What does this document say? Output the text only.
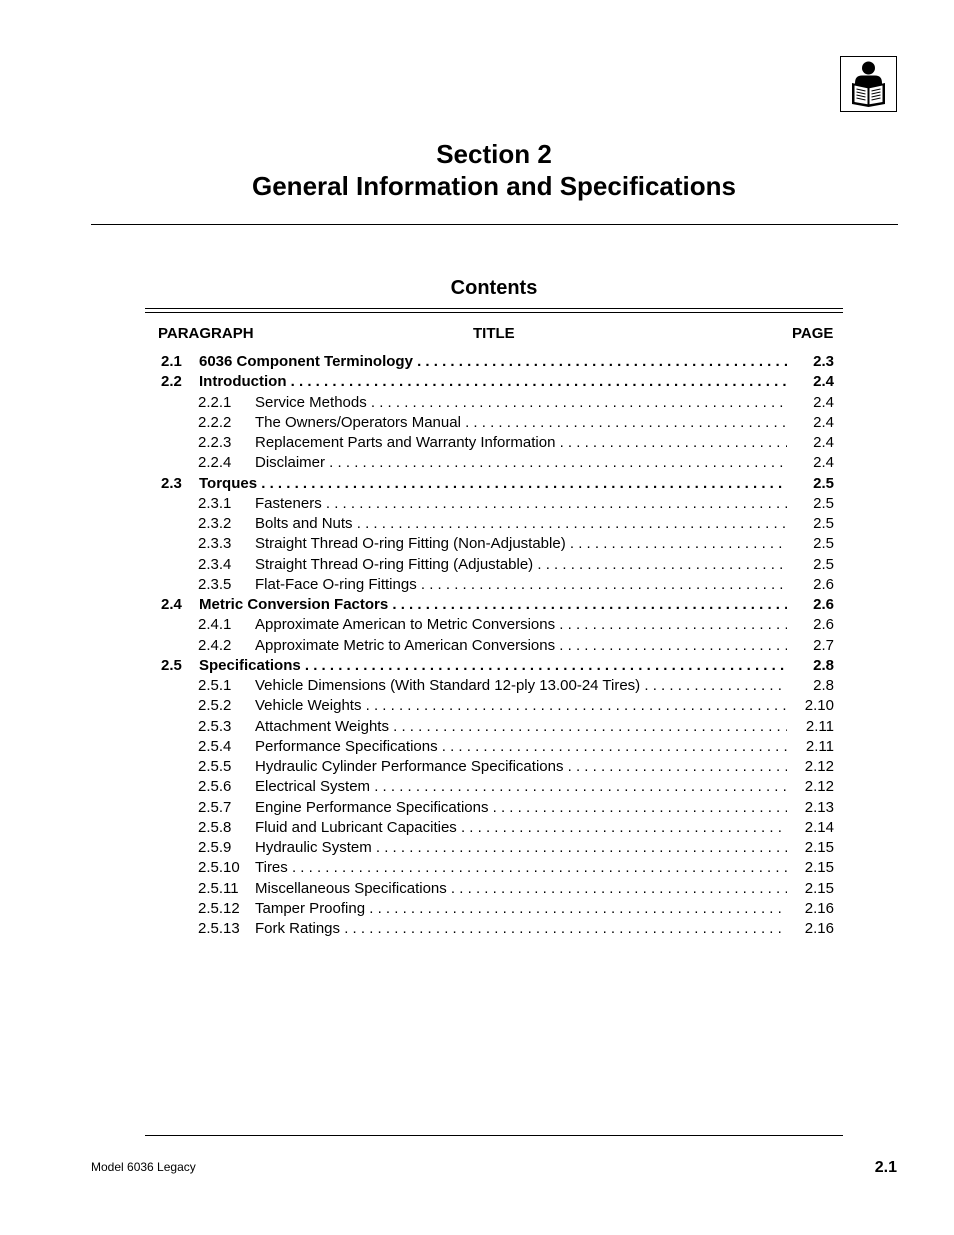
Section 2
General Information and Specifications
Contents
PARAGRAPH	TITLE	PAGE
2.1 6036 Component Terminology . . .	2.3
2.2 Introduction . . .	2.4
2.2.1 Service Methods . . .	2.4
2.2.2 The Owners/Operators Manual . . .	2.4
2.2.3 Replacement Parts and Warranty Information . . .	2.4
2.2.4 Disclaimer . . .	2.4
2.3 Torques . . .	2.5
2.3.1 Fasteners . . .	2.5
2.3.2 Bolts and Nuts . . .	2.5
2.3.3 Straight Thread O-ring Fitting (Non-Adjustable) . . .	2.5
2.3.4 Straight Thread O-ring Fitting (Adjustable) . . .	2.5
2.3.5 Flat-Face O-ring Fittings . . .	2.6
2.4 Metric Conversion Factors . . .	2.6
2.4.1 Approximate American to Metric Conversions . . .	2.6
2.4.2 Approximate Metric to American Conversions . . .	2.7
2.5 Specifications . . .	2.8
2.5.1 Vehicle Dimensions (With Standard 12-ply 13.00-24 Tires) . . .	2.8
2.5.2 Vehicle Weights . . .	2.10
2.5.3 Attachment Weights . . .	2.11
2.5.4 Performance Specifications . . .	2.11
2.5.5 Hydraulic Cylinder Performance Specifications . . .	2.12
2.5.6 Electrical System . . .	2.12
2.5.7 Engine Performance Specifications . . .	2.13
2.5.8 Fluid and Lubricant Capacities . . .	2.14
2.5.9 Hydraulic System . . .	2.15
2.5.10 Tires . . .	2.15
2.5.11 Miscellaneous Specifications . . .	2.15
2.5.12 Tamper Proofing . . .	2.16
2.5.13 Fork Ratings . . .	2.16
Model 6036 Legacy	2.1
